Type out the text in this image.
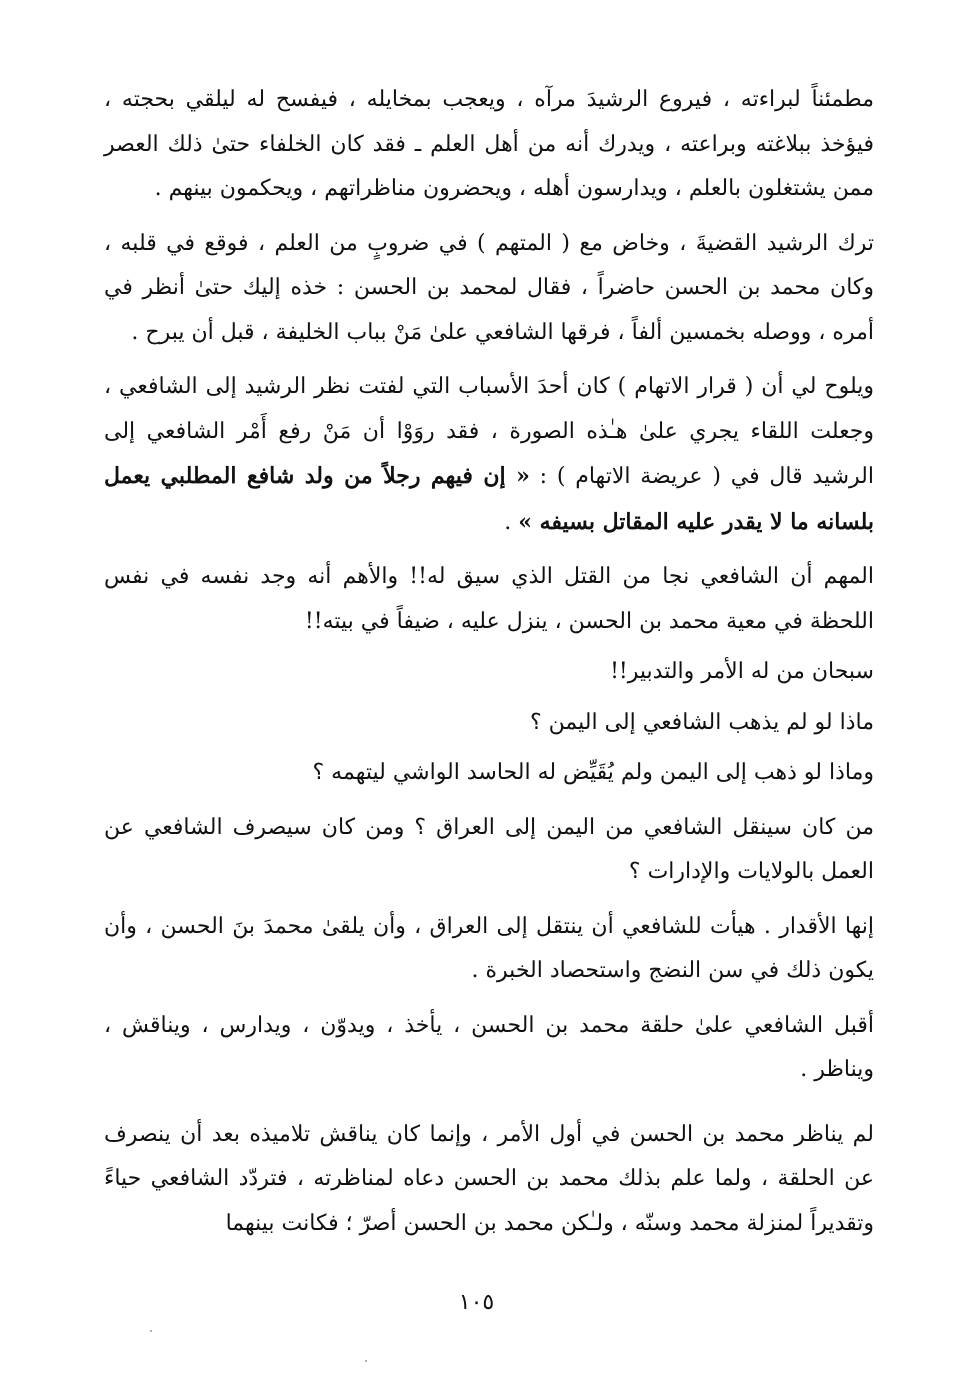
مطمئناً لبراءته ، فيروع الرشيدَ مرآه ، ويعجب بمخايله ، فيفسح له ليلقي بحجته ، فيؤخذ ببلاغته وبراعته ، ويدرك أنه من أهل العلم ـ فقد كان الخلفاء حتىٰ ذلك العصر ممن يشتغلون بالعلم ، ويدارسون أهله ، ويحضرون مناظراتهم ، ويحكمون بينهم .

ترك الرشيد القضيةَ ، وخاض مع ( المتهم ) في ضروبٍ من العلم ، فوقع في قلبه ، وكان محمد بن الحسن حاضراً ، فقال لمحمد بن الحسن : خذه إليك حتىٰ أنظر في أمره ، ووصله بخمسين ألفاً ، فرقها الشافعي علىٰ مَنْ بباب الخليفة ، قبل أن يبرح .

ويلوح لي أن ( قرار الاتهام ) كان أحدَ الأسباب التي لفتت نظر الرشيد إلى الشافعي ، وجعلت اللقاء يجري علىٰ هـٰذه الصورة ، فقد روَوْا أن مَنْ رفع أَمْر الشافعي إلى الرشيد قال في ( عريضة الاتهام ) : « إن فيهم رجلاً من ولد شافع المطلبي يعمل بلسانه ما لا يقدر عليه المقاتل بسيفه » .

المهم أن الشافعي نجا من القتل الذي سيق له!! والأهم أنه وجد نفسه في نفس اللحظة في معية محمد بن الحسن ، ينزل عليه ، ضيفاً في بيته!!

سبحان من له الأمر والتدبير!!

ماذا لو لم يذهب الشافعي إلى اليمن ؟

وماذا لو ذهب إلى اليمن ولم يُقَيِّض له الحاسد الواشي ليتهمه ؟

من كان سينقل الشافعي من اليمن إلى العراق ؟ ومن كان سيصرف الشافعي عن العمل بالولايات والإدارات ؟

إنها الأقدار . هيأت للشافعي أن ينتقل إلى العراق ، وأن يلقىٰ محمدَ بنَ الحسن ، وأن يكون ذلك في سن النضج واستحصاد الخبرة .

أقبل الشافعي علىٰ حلقة محمد بن الحسن ، يأخذ ، ويدوّن ، ويدارس ، ويناقش ، ويناظر .

لم يناظر محمد بن الحسن في أول الأمر ، وإنما كان يناقش تلاميذه بعد أن ينصرف عن الحلقة ، ولما علم بذلك محمد بن الحسن دعاه لمناظرته ، فتردّد الشافعي حياءً وتقديراً لمنزلة محمد وسنّه ، ولـٰكن محمد بن الحسن أصرّ ؛ فكانت بينهما

١٠٥
